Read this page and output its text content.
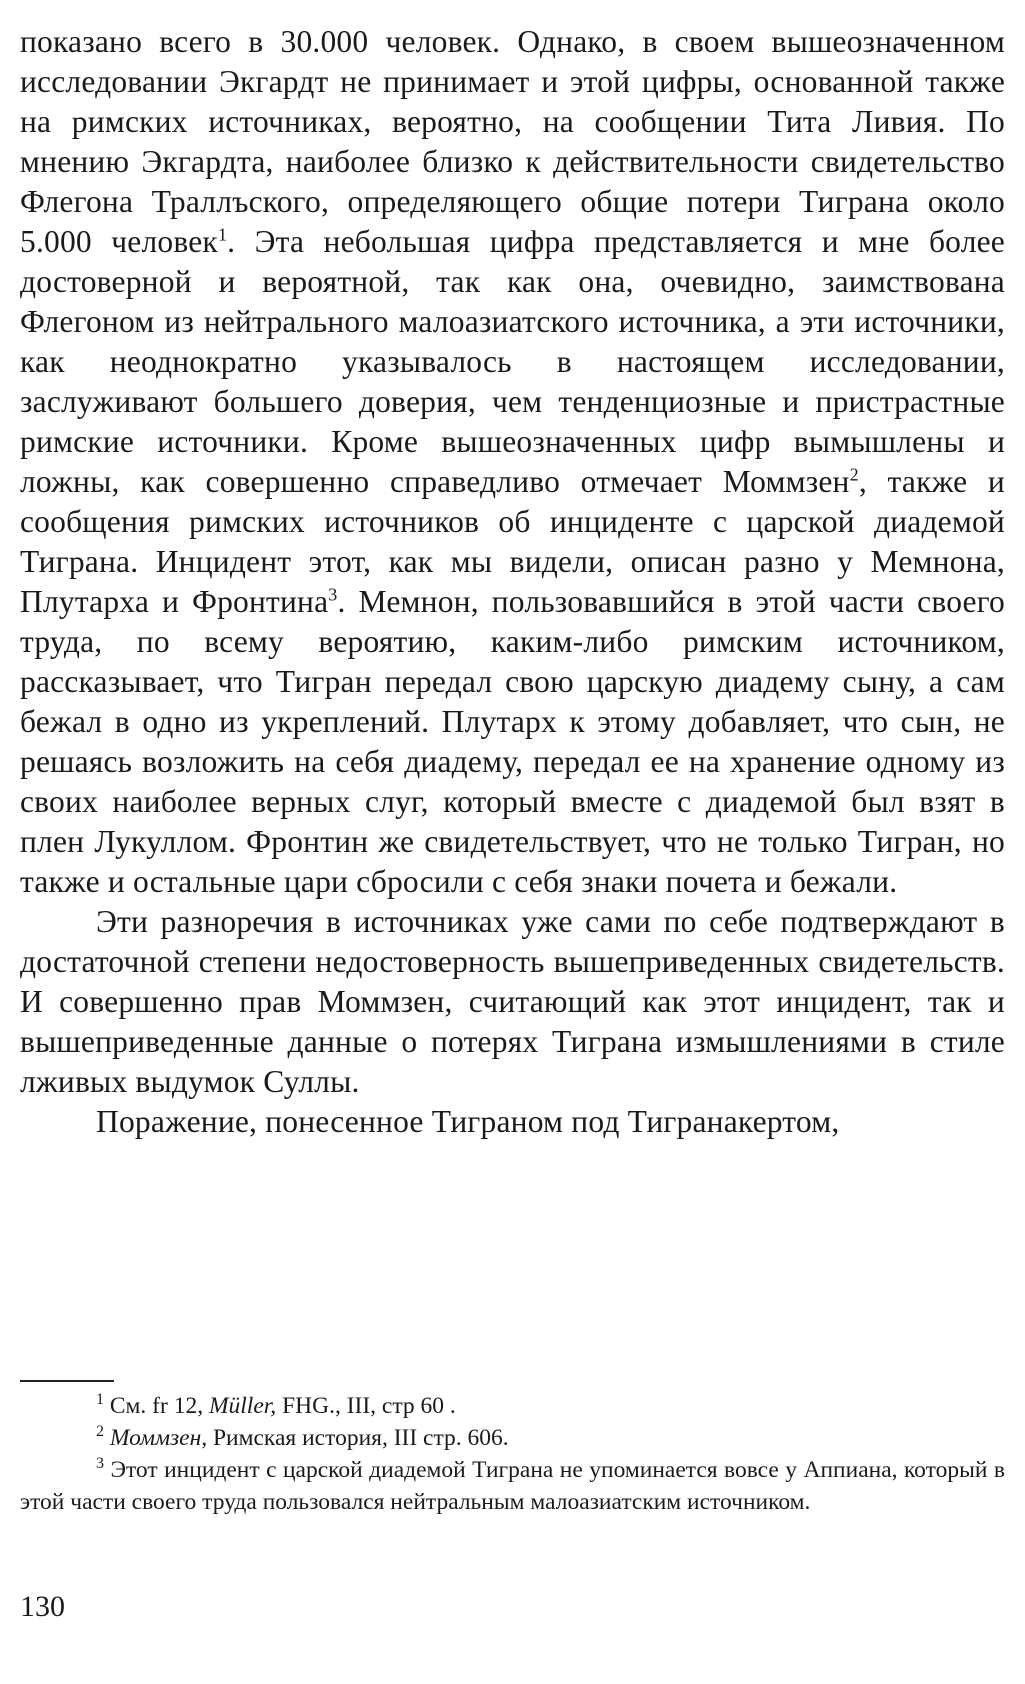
показано всего в 30.000 человек. Однако, в своем вышеозначенном исследовании Экгардт не принимает и этой цифры, основанной также на римских источниках, вероятно, на сообщении Тита Ливия. По мнению Экгардта, наиболее близко к действительности свидетельство Флегона Траллъского, определяющего общие потери Тиграна около 5.000 человек$^1$. Эта небольшая цифра представляется и мне более достоверной и вероятной, так как она, очевидно, заимствована Флегоном из нейтрального малоазиатского источника, а эти источники, как неоднократно указывалось в настоящем исследовании, заслуживают большего доверия, чем тенденциозные и пристрастные римские источники. Кроме вышеозначенных цифр вымышлены и ложны, как совершенно справедливо отмечает Моммзен$^2$, также и сообщения римских источников об инциденте с царской диадемой Тиграна. Инцидент этот, как мы видели, описан разно у Мемнона, Плутарха и Фронтина$^3$. Мемнон, пользовавшийся в этой части своего труда, по всему вероятию, каким-либо римским источником, рассказывает, что Тигран передал свою царскую диадему сыну, а сам бежал в одно из укреплений. Плутарх к этому добавляет, что сын, не решаясь возложить на себя диадему, передал ее на хранение одному из своих наиболее верных слуг, который вместе с диадемой был взят в плен Лукуллом. Фронтин же свидетельствует, что не только Тигран, но также и остальные цари сбросили с себя знаки почета и бежали.

Эти разноречия в источниках уже сами по себе подтверждают в достаточной степени недостоверность вышеприведенных свидетельств. И совершенно прав Моммзен, считающий как этот инцидент, так и вышеприведенные данные о потерях Тиграна измышлениями в стиле лживых выдумок Суллы.

Поражение, понесенное Тиграном под Тигранакертом,

$^1$ См. fr 12, Müller, FHG., III, стр 60 .

$^2$ Моммзен, Римская история, III стр. 606.

$^3$ Этот инцидент с царской диадемой Тиграна не упоминается вовсе у Аппиана, который в этой части своего труда пользовался нейтральным малоазиатским источником.

130
